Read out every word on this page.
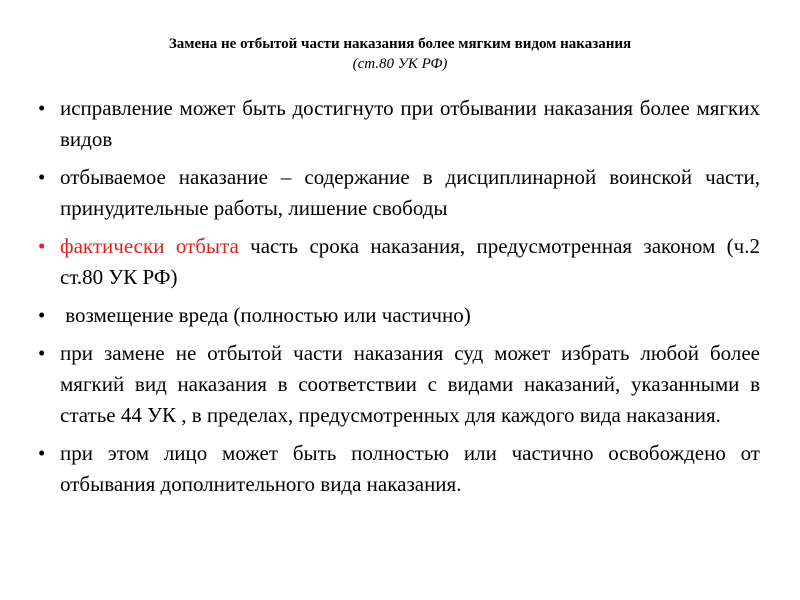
Замена не отбытой части наказания более мягким видом наказания

(ст.80 УК РФ)

• исправление может быть достигнуто при отбывании наказания более мягких видов
• отбываемое наказание – содержание в дисциплинарной воинской части, принудительные работы, лишение свободы
• фактически отбыта часть срока наказания, предусмотренная законом (ч.2 ст.80 УК РФ)
• возмещение вреда (полностью или частично)
• при замене не отбытой части наказания суд может избрать любой более мягкий вид наказания в соответствии с видами наказаний, указанными в статье 44 УК , в пределах, предусмотренных для каждого вида наказания.
• при этом лицо может быть полностью или частично освобождено от отбывания дополнительного вида наказания.
